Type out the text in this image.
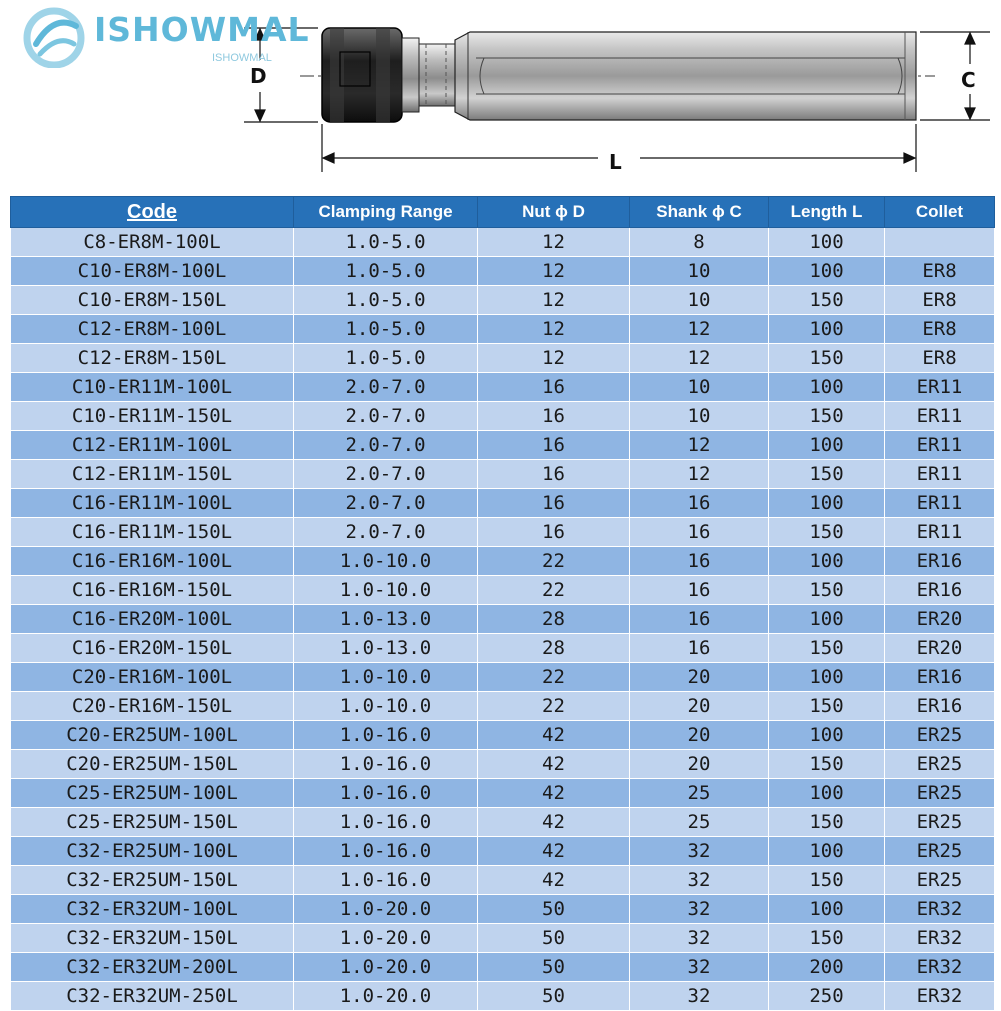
D	C
L
ISHOWMAL
ISHOWMAL
Code	Clamping Range	Nut ϕ D	Shank ϕ C	Length L	Collet
C8-ER8M-100L	1.0-5.0	12	8	100	
C10-ER8M-100L	1.0-5.0	12	10	100	ER8
C10-ER8M-150L	1.0-5.0	12	10	150	ER8
C12-ER8M-100L	1.0-5.0	12	12	100	ER8
C12-ER8M-150L	1.0-5.0	12	12	150	ER8
C10-ER11M-100L	2.0-7.0	16	10	100	ER11
C10-ER11M-150L	2.0-7.0	16	10	150	ER11
C12-ER11M-100L	2.0-7.0	16	12	100	ER11
C12-ER11M-150L	2.0-7.0	16	12	150	ER11
C16-ER11M-100L	2.0-7.0	16	16	100	ER11
C16-ER11M-150L	2.0-7.0	16	16	150	ER11
C16-ER16M-100L	1.0-10.0	22	16	100	ER16
C16-ER16M-150L	1.0-10.0	22	16	150	ER16
C16-ER20M-100L	1.0-13.0	28	16	100	ER20
C16-ER20M-150L	1.0-13.0	28	16	150	ER20
C20-ER16M-100L	1.0-10.0	22	20	100	ER16
C20-ER16M-150L	1.0-10.0	22	20	150	ER16
C20-ER25UM-100L	1.0-16.0	42	20	100	ER25
C20-ER25UM-150L	1.0-16.0	42	20	150	ER25
C25-ER25UM-100L	1.0-16.0	42	25	100	ER25
C25-ER25UM-150L	1.0-16.0	42	25	150	ER25
C32-ER25UM-100L	1.0-16.0	42	32	100	ER25
C32-ER25UM-150L	1.0-16.0	42	32	150	ER25
C32-ER32UM-100L	1.0-20.0	50	32	100	ER32
C32-ER32UM-150L	1.0-20.0	50	32	150	ER32
C32-ER32UM-200L	1.0-20.0	50	32	200	ER32
C32-ER32UM-250L	1.0-20.0	50	32	250	ER32
